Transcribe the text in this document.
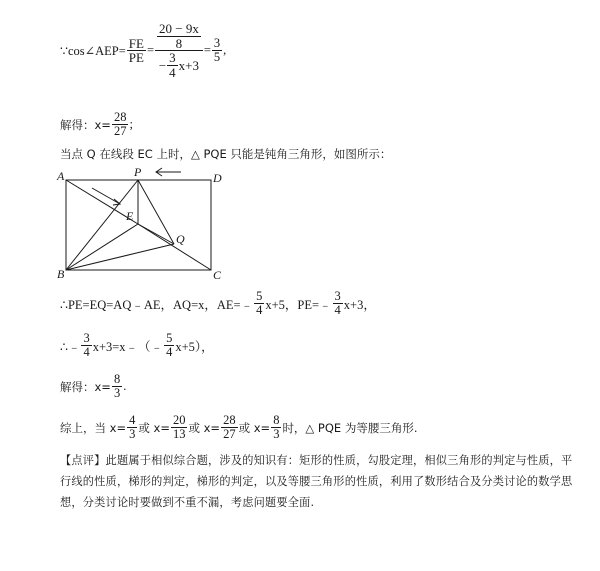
∵cos∠AEP= $\frac{FE}{PE} = 20 - 9x$
8
− $\frac{3}{4} x+3 = \frac{3}{5}$ ,
解得：$x= \frac{28}{27}$ ;
当点 Q 在线段 EC 上时，△ PQE 只能是钝角三角形，如图所示：
A	P	D
E
Q
B	C
∴PE=EQ=AQ﹣AE，AQ=x，AE=﹣ $\frac{5}{4} x+5$，PE=﹣ $\frac{3}{4} x+3$，
∴﹣ $\frac{3}{4}$ x+3=x﹣（﹣ $\frac{5}{4} x+5$），
解得：$x= \frac{8}{3}$ .
综上，当 $x= \frac{4}{3}$ 或 $x= \frac{20}{13}$ 或 $x= \frac{28}{27}$ 或 $x= \frac{8}{3}$ 时，△ PQE 为等腰三角形.
【点评】此题属于相似综合题，涉及的知识有：矩形的性质，勾股定理，相似三角形的判定与性质，平行线的性质，梯形的判定，梯形的判定，以及等腰三角形的性质，利用了数形结合及分类讨论的数学思想，分类讨论时要做到不重不漏，考虑问题要全面.
